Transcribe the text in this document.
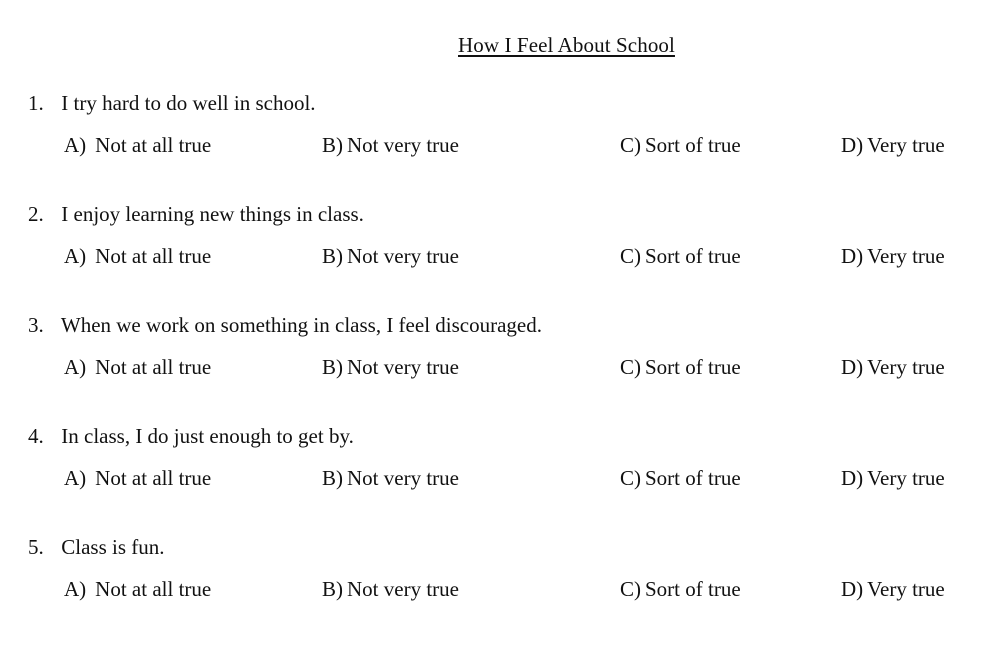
How I Feel About School
1. I try hard to do well in school.
A) Not at all true	B) Not very true	C) Sort of true	D) Very true
2. I enjoy learning new things in class.
A) Not at all true	B) Not very true	C) Sort of true	D) Very true
3. When we work on something in class, I feel discouraged.
A) Not at all true	B) Not very true	C) Sort of true	D) Very true
4. In class, I do just enough to get by.
A) Not at all true	B) Not very true	C) Sort of true	D) Very true
5. Class is fun.
A) Not at all true	B) Not very true	C) Sort of true	D) Very true
